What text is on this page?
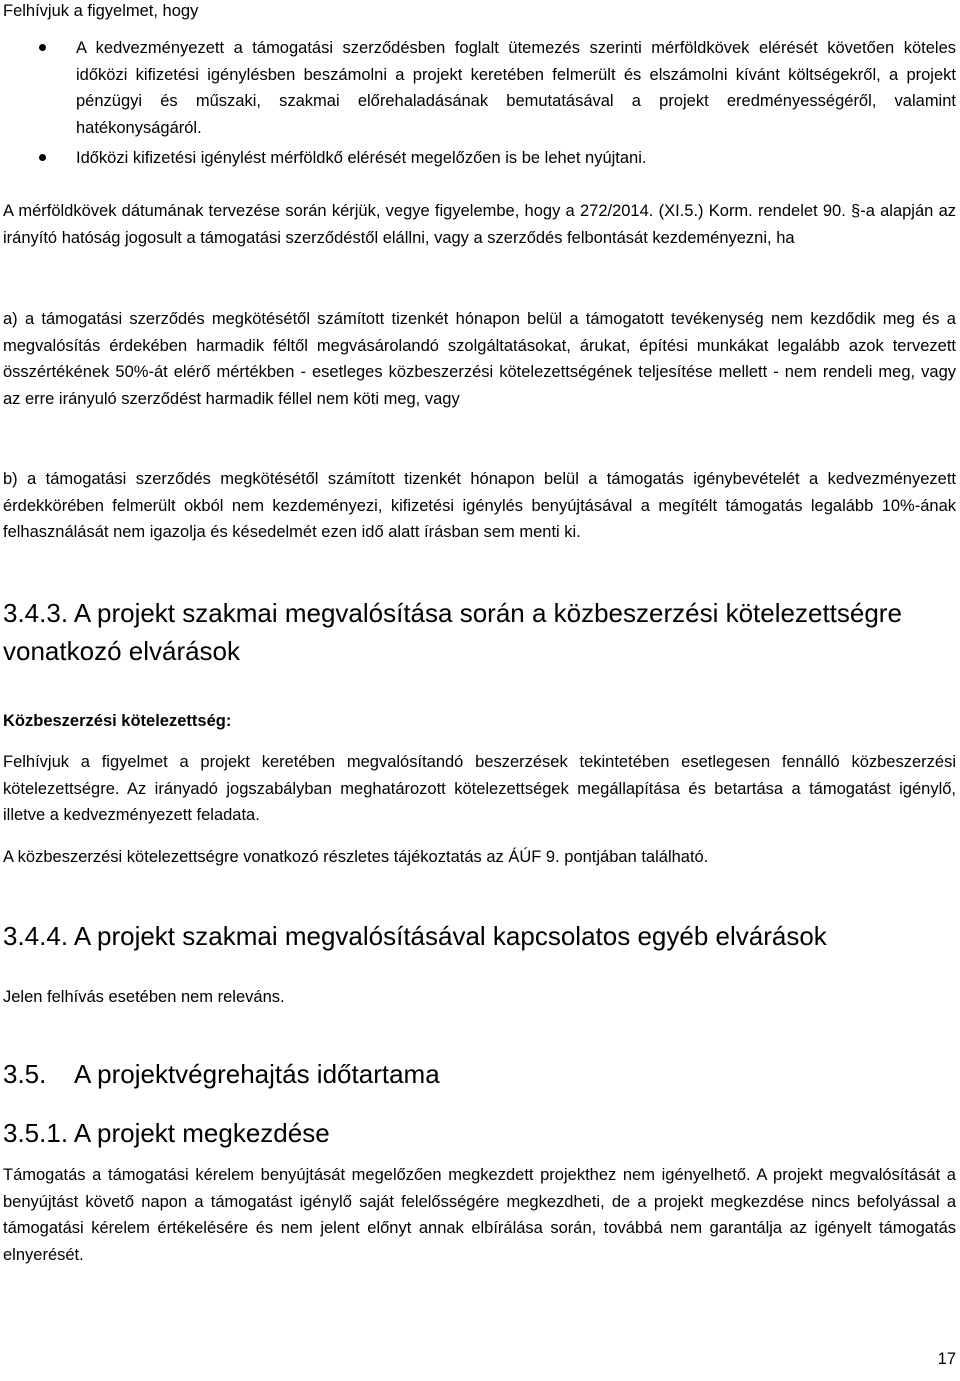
Felhívjuk a figyelmet, hogy

A kedvezményezett a támogatási szerződésben foglalt ütemezés szerinti mérföldkövek elérését követően köteles időközi kifizetési igénylésben beszámolni a projekt keretében felmerült és elszámolni kívánt költségekről, a projekt pénzügyi és műszaki, szakmai előrehaladásának bemutatásával a projekt eredményességéről, valamint hatékonyságáról.
Időközi kifizetési igénylést mérföldkő elérését megelőzően is be lehet nyújtani.

A mérföldkövek dátumának tervezése során kérjük, vegye figyelembe, hogy a 272/2014. (XI.5.) Korm. rendelet 90. §-a alapján az irányító hatóság jogosult a támogatási szerződéstől elállni, vagy a szerződés felbontását kezdeményezni, ha

a) a támogatási szerződés megkötésétől számított tizenkét hónapon belül a támogatott tevékenység nem kezdődik meg és a megvalósítás érdekében harmadik féltől megvásárolandó szolgáltatásokat, árukat, építési munkákat legalább azok tervezett összértékének 50%-át elérő mértékben - esetleges közbeszerzési kötelezettségének teljesítése mellett - nem rendeli meg, vagy az erre irányuló szerződést harmadik féllel nem köti meg, vagy

b) a támogatási szerződés megkötésétől számított tizenkét hónapon belül a támogatás igénybevételét a kedvezményezett érdekkörében felmerült okból nem kezdeményezi, kifizetési igénylés benyújtásával a megítélt támogatás legalább 10%-ának felhasználását nem igazolja és késedelmét ezen idő alatt írásban sem menti ki.

3.4.3. A projekt szakmai megvalósítása során a közbeszerzési kötelezettségre vonatkozó elvárások

Közbeszerzési kötelezettség:

Felhívjuk a figyelmet a projekt keretében megvalósítandó beszerzések tekintetében esetlegesen fennálló közbeszerzési kötelezettségre. Az irányadó jogszabályban meghatározott kötelezettségek megállapítása és betartása a támogatást igénylő, illetve a kedvezményezett feladata.

A közbeszerzési kötelezettségre vonatkozó részletes tájékoztatás az ÁÚF 9. pontjában található.

3.4.4. A projekt szakmai megvalósításával kapcsolatos egyéb elvárások

Jelen felhívás esetében nem releváns.

3.5. A projektvégrehajtás időtartama

3.5.1. A projekt megkezdése

Támogatás a támogatási kérelem benyújtását megelőzően megkezdett projekthez nem igényelhető. A projekt megvalósítását a benyújtást követő napon a támogatást igénylő saját felelősségére megkezdheti, de a projekt megkezdése nincs befolyással a támogatási kérelem értékelésére és nem jelent előnyt annak elbírálása során, továbbá nem garantálja az igényelt támogatás elnyerését.

17
